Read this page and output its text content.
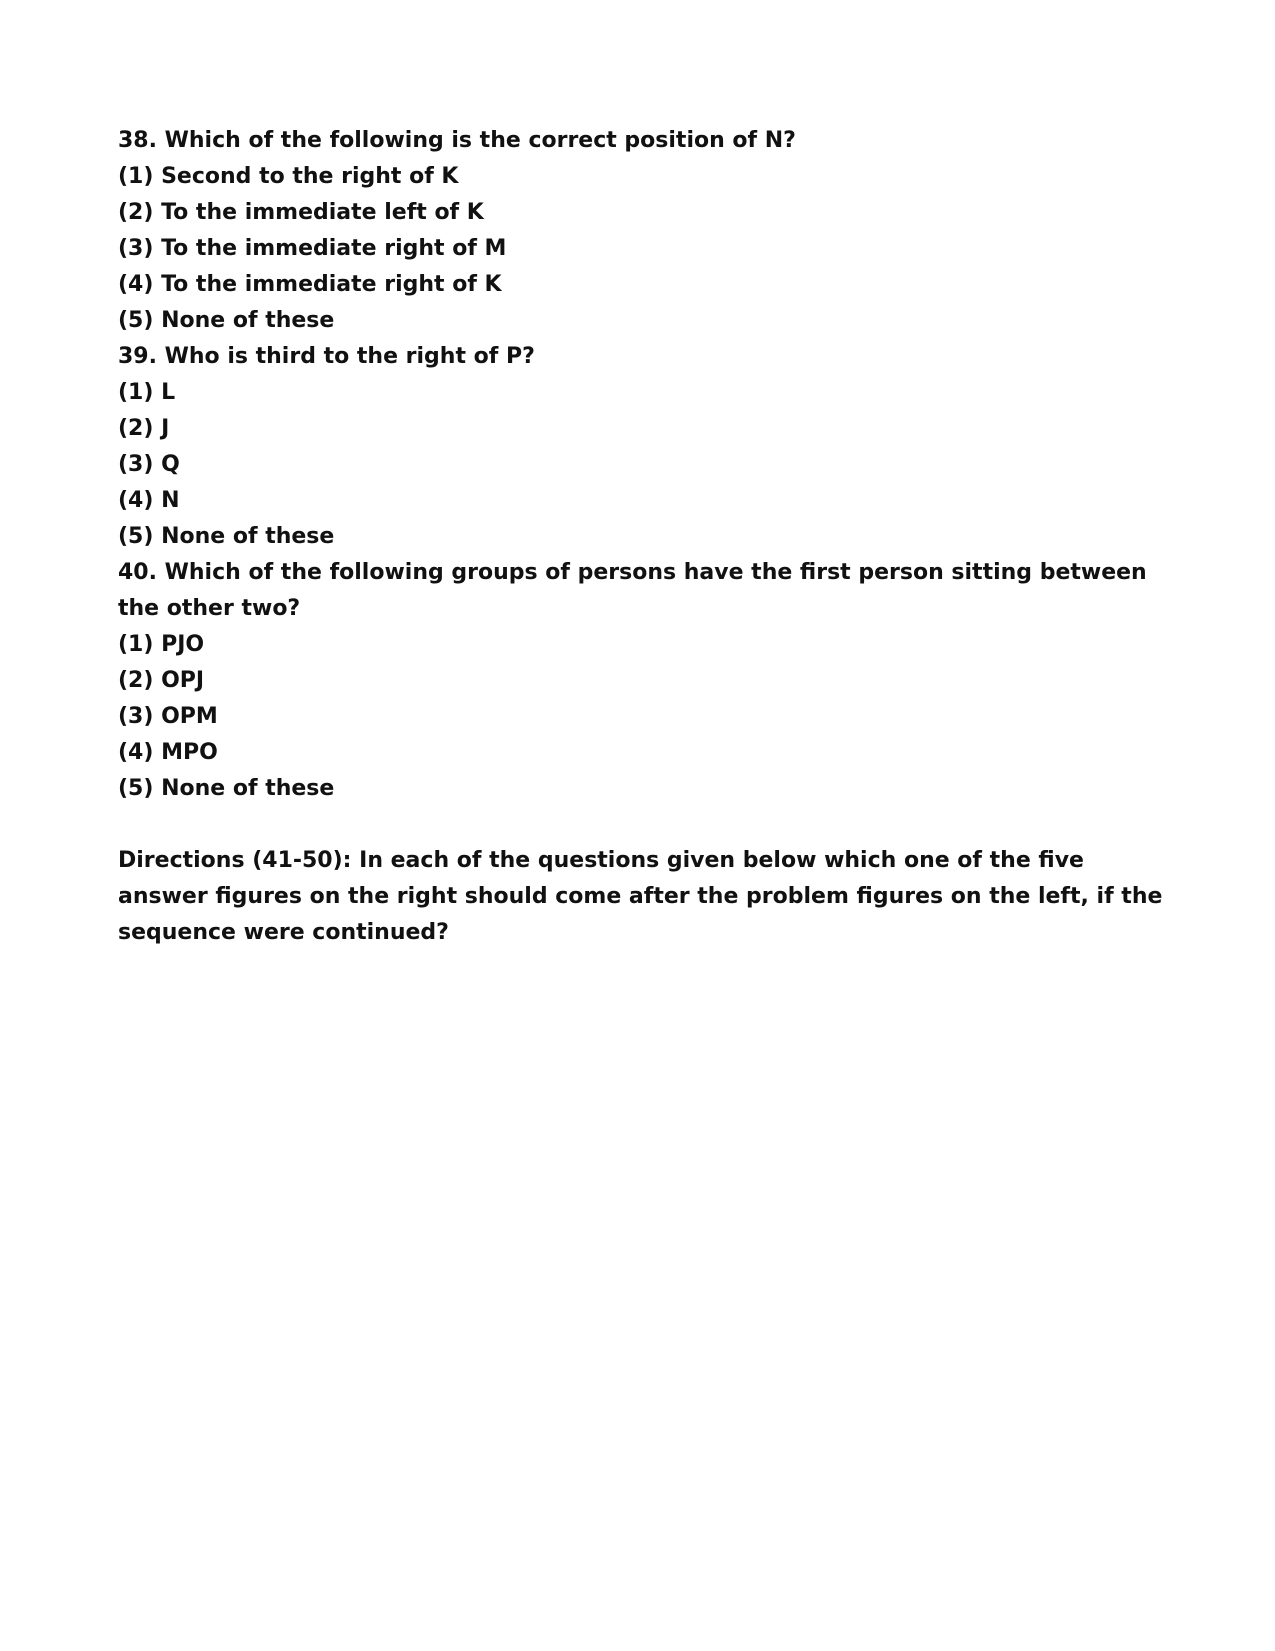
38. Which of the following is the correct position of N?
(1) Second to the right of K
(2) To the immediate left of K
(3) To the immediate right of M
(4) To the immediate right of K
(5) None of these
39. Who is third to the right of P?
(1) L
(2) J
(3) Q
(4) N
(5) None of these
40. Which of the following groups of persons have the first person sitting between the other two?
(1) PJO
(2) OPJ
(3) OPM
(4) MPO
(5) None of these
Directions (41-50): In each of the questions given below which one of the five answer figures on the right should come after the problem figures on the left, if the sequence were continued?
